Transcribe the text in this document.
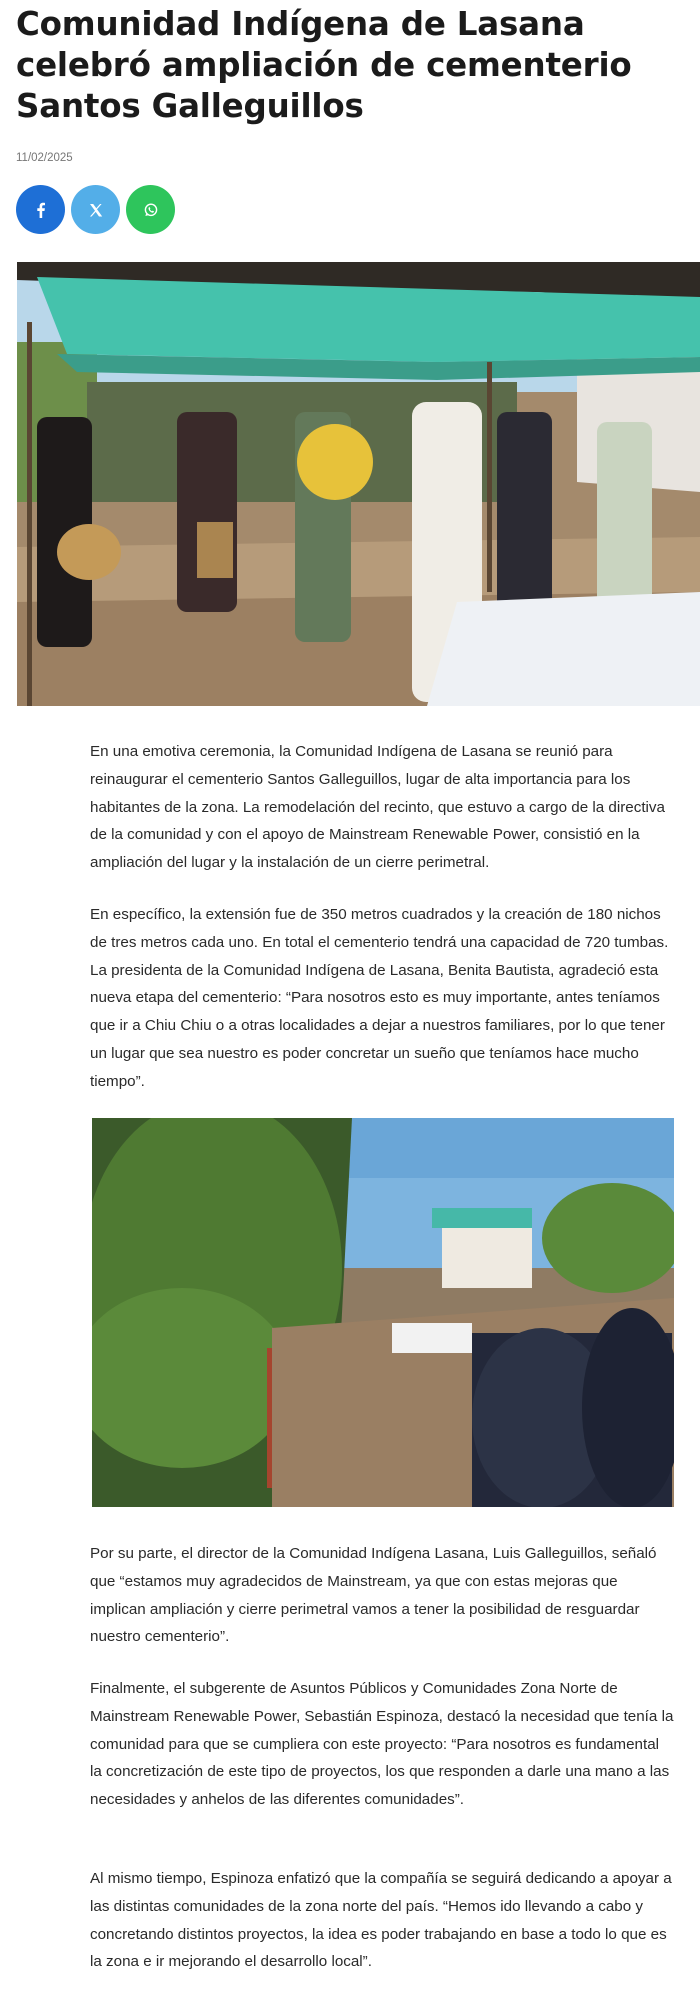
Comunidad Indígena de Lasana celebró ampliación de cementerio Santos Galleguillos
11/02/2025
En una emotiva ceremonia, la Comunidad Indígena de Lasana se reunió para reinaugurar el cementerio Santos Galleguillos, lugar de alta importancia para los habitantes de la zona. La remodelación del recinto, que estuvo a cargo de la directiva de la comunidad y con el apoyo de Mainstream Renewable Power, consistió en la ampliación del lugar y la instalación de un cierre perimetral.
En específico, la extensión fue de 350 metros cuadrados y la creación de 180 nichos de tres metros cada uno. En total el cementerio tendrá una capacidad de 720 tumbas. La presidenta de la Comunidad Indígena de Lasana, Benita Bautista, agradeció esta nueva etapa del cementerio: “Para nosotros esto es muy importante, antes teníamos que ir a Chiu Chiu o a otras localidades a dejar a nuestros familiares, por lo que tener un lugar que sea nuestro es poder concretar un sueño que teníamos hace mucho tiempo”.
Por su parte, el director de la Comunidad Indígena Lasana, Luis Galleguillos, señaló que “estamos muy agradecidos de Mainstream, ya que con estas mejoras que implican ampliación y cierre perimetral vamos a tener la posibilidad de resguardar nuestro cementerio”.
Finalmente, el subgerente de Asuntos Públicos y Comunidades Zona Norte de Mainstream Renewable Power, Sebastián Espinoza, destacó la necesidad que tenía la comunidad para que se cumpliera con este proyecto: “Para nosotros es fundamental la concretización de este tipo de proyectos, los que responden a darle una mano a las necesidades y anhelos de las diferentes comunidades”.
Al mismo tiempo, Espinoza enfatizó que la compañía se seguirá dedicando a apoyar a las distintas comunidades de la zona norte del país. “Hemos ido llevando a cabo y concretando distintos proyectos, la idea es poder trabajando en base a todo lo que es la zona e ir mejorando el desarrollo local”.
